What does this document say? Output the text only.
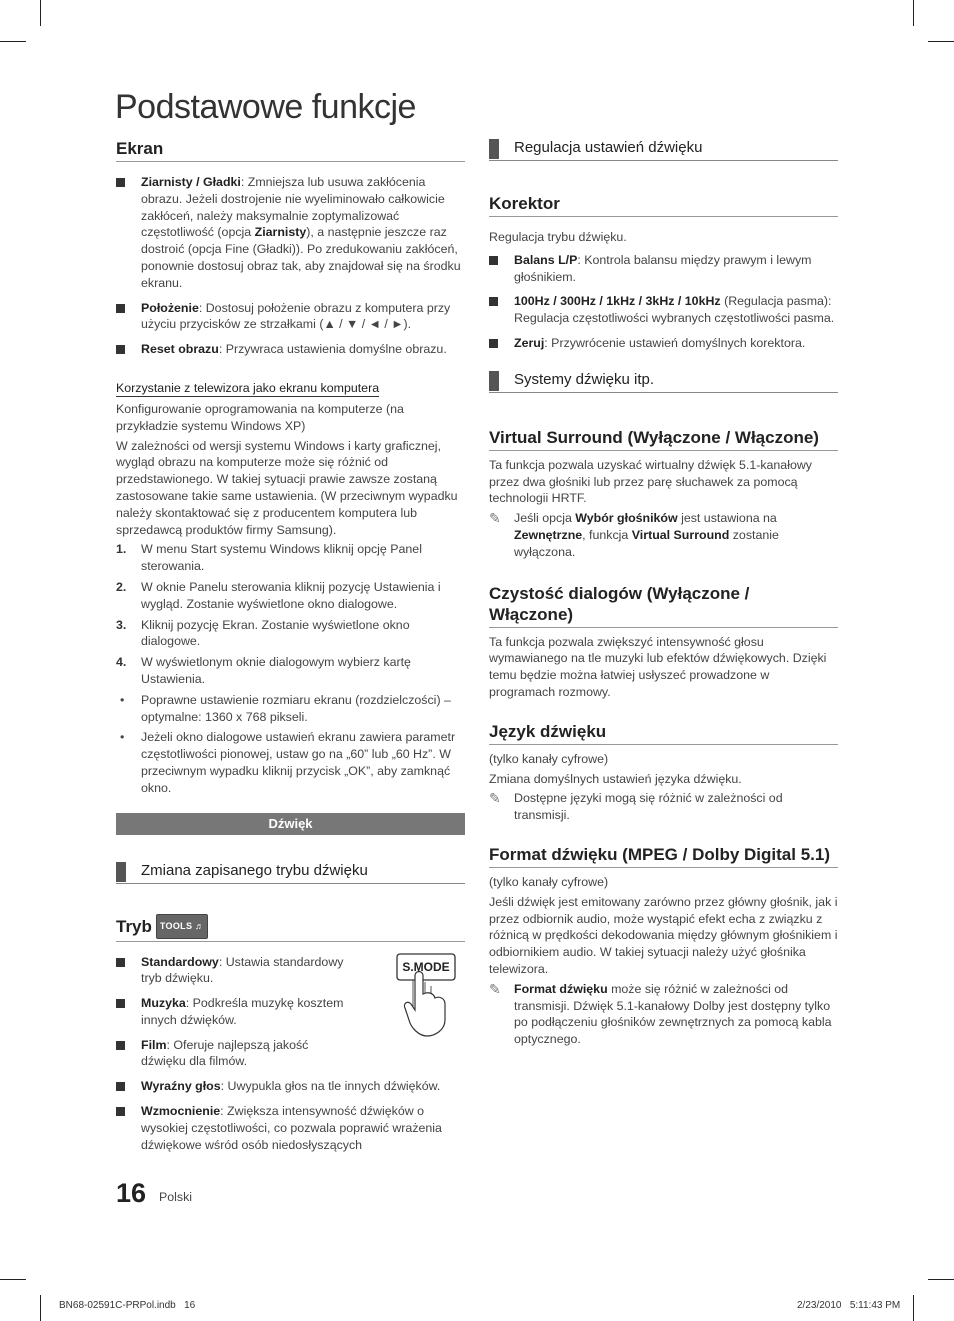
Podstawowe funkcje
Ekran
Ziarnisty / Gładki: Zmniejsza lub usuwa zakłócenia obrazu. Jeżeli dostrojenie nie wyeliminowało całkowicie zakłóceń, należy maksymalnie zoptymalizować częstotliwość (opcja Ziarnisty), a następnie jeszcze raz dostroić (opcja Fine (Gładki)). Po zredukowaniu zakłóceń, ponownie dostosuj obraz tak, aby znajdował się na środku ekranu.
Położenie: Dostosuj położenie obrazu z komputera przy użyciu przycisków ze strzałkami (▲ / ▼ / ◄ / ►).
Reset obrazu: Przywraca ustawienia domyślne obrazu.
Korzystanie z telewizora jako ekranu komputera

Konfigurowanie oprogramowania na komputerze (na przykładzie systemu Windows XP)

W zależności od wersji systemu Windows i karty graficznej, wygląd obrazu na komputerze może się różnić od przedstawionego. W takiej sytuacji prawie zawsze zostaną zastosowane takie same ustawienia. (W przeciwnym wypadku należy skontaktować się z producentem komputera lub sprzedawcą produktów firmy Samsung).

1. W menu Start systemu Windows kliknij opcję Panel sterowania.
2. W oknie Panelu sterowania kliknij pozycję Ustawienia i wygląd. Zostanie wyświetlone okno dialogowe.
3. Kliknij pozycję Ekran. Zostanie wyświetlone okno dialogowe.
4. W wyświetlonym oknie dialogowym wybierz kartę Ustawienia.
• Poprawne ustawienie rozmiaru ekranu (rozdzielczości) – optymalne: 1360 x 768 pikseli.
• Jeżeli okno dialogowe ustawień ekranu zawiera parametr częstotliwości pionowej, ustaw go na „60” lub „60 Hz”. W przeciwnym wypadku kliknij przycisk „OK”, aby zamknąć okno.
Dźwięk
Zmiana zapisanego trybu dźwięku
Tryb TOOLS ♬
S.MODE
Standardowy: Ustawia standardowy tryb dźwięku.
Muzyka: Podkreśla muzykę kosztem innych dźwięków.
Film: Oferuje najlepszą jakość dźwięku dla filmów.
Wyraźny głos: Uwypukla głos na tle innych dźwięków.
Wzmocnienie: Zwiększa intensywność dźwięków o wysokiej częstotliwości, co pozwala poprawić wrażenia dźwiękowe wśród osób niedosłyszących
Regulacja ustawień dźwięku
Korektor

Regulacja trybu dźwięku.

Balans L/P: Kontrola balansu między prawym i lewym głośnikiem.
100Hz / 300Hz / 1kHz / 3kHz / 10kHz (Regulacja pasma): Regulacja częstotliwości wybranych częstotliwości pasma.
Zeruj: Przywrócenie ustawień domyślnych korektora.
Systemy dźwięku itp.
Virtual Surround (Wyłączone / Włączone)

Ta funkcja pozwala uzyskać wirtualny dźwięk 5.1-kanałowy przez dwa głośniki lub przez parę słuchawek za pomocą technologii HRTF.

✎ Jeśli opcja Wybór głośników jest ustawiona na Zewnętrzne, funkcja Virtual Surround zostanie wyłączona.
Czystość dialogów (Wyłączone / Włączone)

Ta funkcja pozwala zwiększyć intensywność głosu wymawianego na tle muzyki lub efektów dźwiękowych. Dzięki temu będzie można łatwiej usłyszeć prowadzone w programach rozmowy.

Język dźwięku

(tylko kanały cyfrowe)

Zmiana domyślnych ustawień języka dźwięku.

✎ Dostępne języki mogą się różnić w zależności od transmisji.
Format dźwięku (MPEG / Dolby Digital 5.1)

(tylko kanały cyfrowe)

Jeśli dźwięk jest emitowany zarówno przez główny głośnik, jak i przez odbiornik audio, może wystąpić efekt echa z związku z różnicą w prędkości dekodowania między głównym głośnikiem i odbiornikiem audio. W takiej sytuacji należy użyć głośnika telewizora.

✎ Format dźwięku może się różnić w zależności od transmisji. Dźwięk 5.1-kanałowy Dolby jest dostępny tylko po podłączeniu głośników zewnętrznych za pomocą kabla optycznego.
16 Polski
BN68-02591C-PRPol.indb   16	2/23/2010   5:11:43 PM
